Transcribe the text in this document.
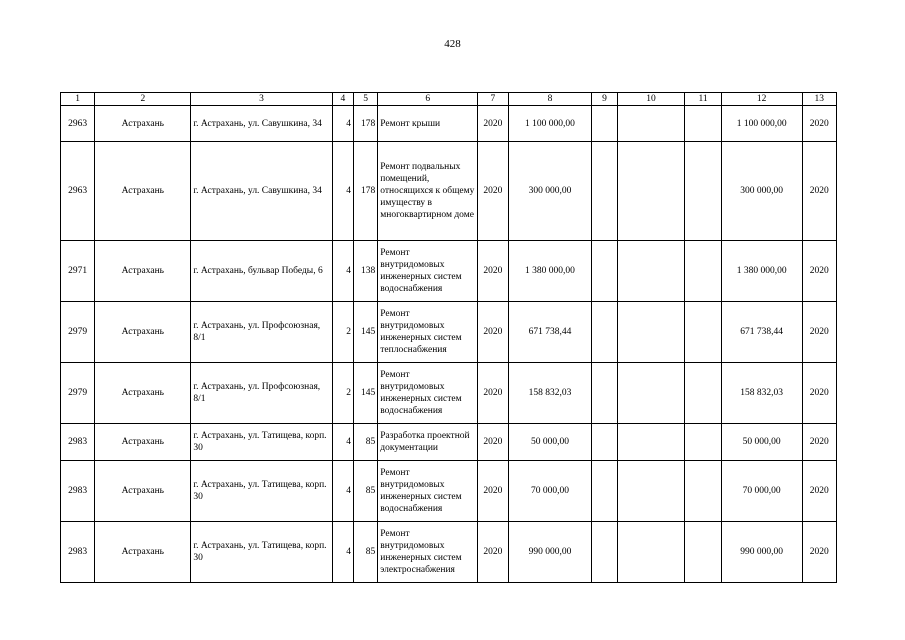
428
1	2	3	4	5	6	7	8	9	10	11	12	13
2963	Астрахань	г. Астрахань, ул. Савушкина, 34	4	178	Ремонт крыши	2020	1 100 000,00				1 100 000,00	2020
2963	Астрахань	г. Астрахань, ул. Савушкина, 34	4	178	Ремонт подвальных помещений, относящихся к общему имуществу в многоквартирном доме	2020	300 000,00				300 000,00	2020
2971	Астрахань	г. Астрахань, бульвар Победы, 6	4	138	Ремонт внутридомовых инженерных систем водоснабжения	2020	1 380 000,00				1 380 000,00	2020
2979	Астрахань	г. Астрахань, ул. Профсоюзная, 8/1	2	145	Ремонт внутридомовых инженерных систем теплоснабжения	2020	671 738,44				671 738,44	2020
2979	Астрахань	г. Астрахань, ул. Профсоюзная, 8/1	2	145	Ремонт внутридомовых инженерных систем водоснабжения	2020	158 832,03				158 832,03	2020
2983	Астрахань	г. Астрахань, ул. Татищева, корп. 30	4	85	Разработка проектной документации	2020	50 000,00				50 000,00	2020
2983	Астрахань	г. Астрахань, ул. Татищева, корп. 30	4	85	Ремонт внутридомовых инженерных систем водоснабжения	2020	70 000,00				70 000,00	2020
2983	Астрахань	г. Астрахань, ул. Татищева, корп. 30	4	85	Ремонт внутридомовых инженерных систем электроснабжения	2020	990 000,00				990 000,00	2020
